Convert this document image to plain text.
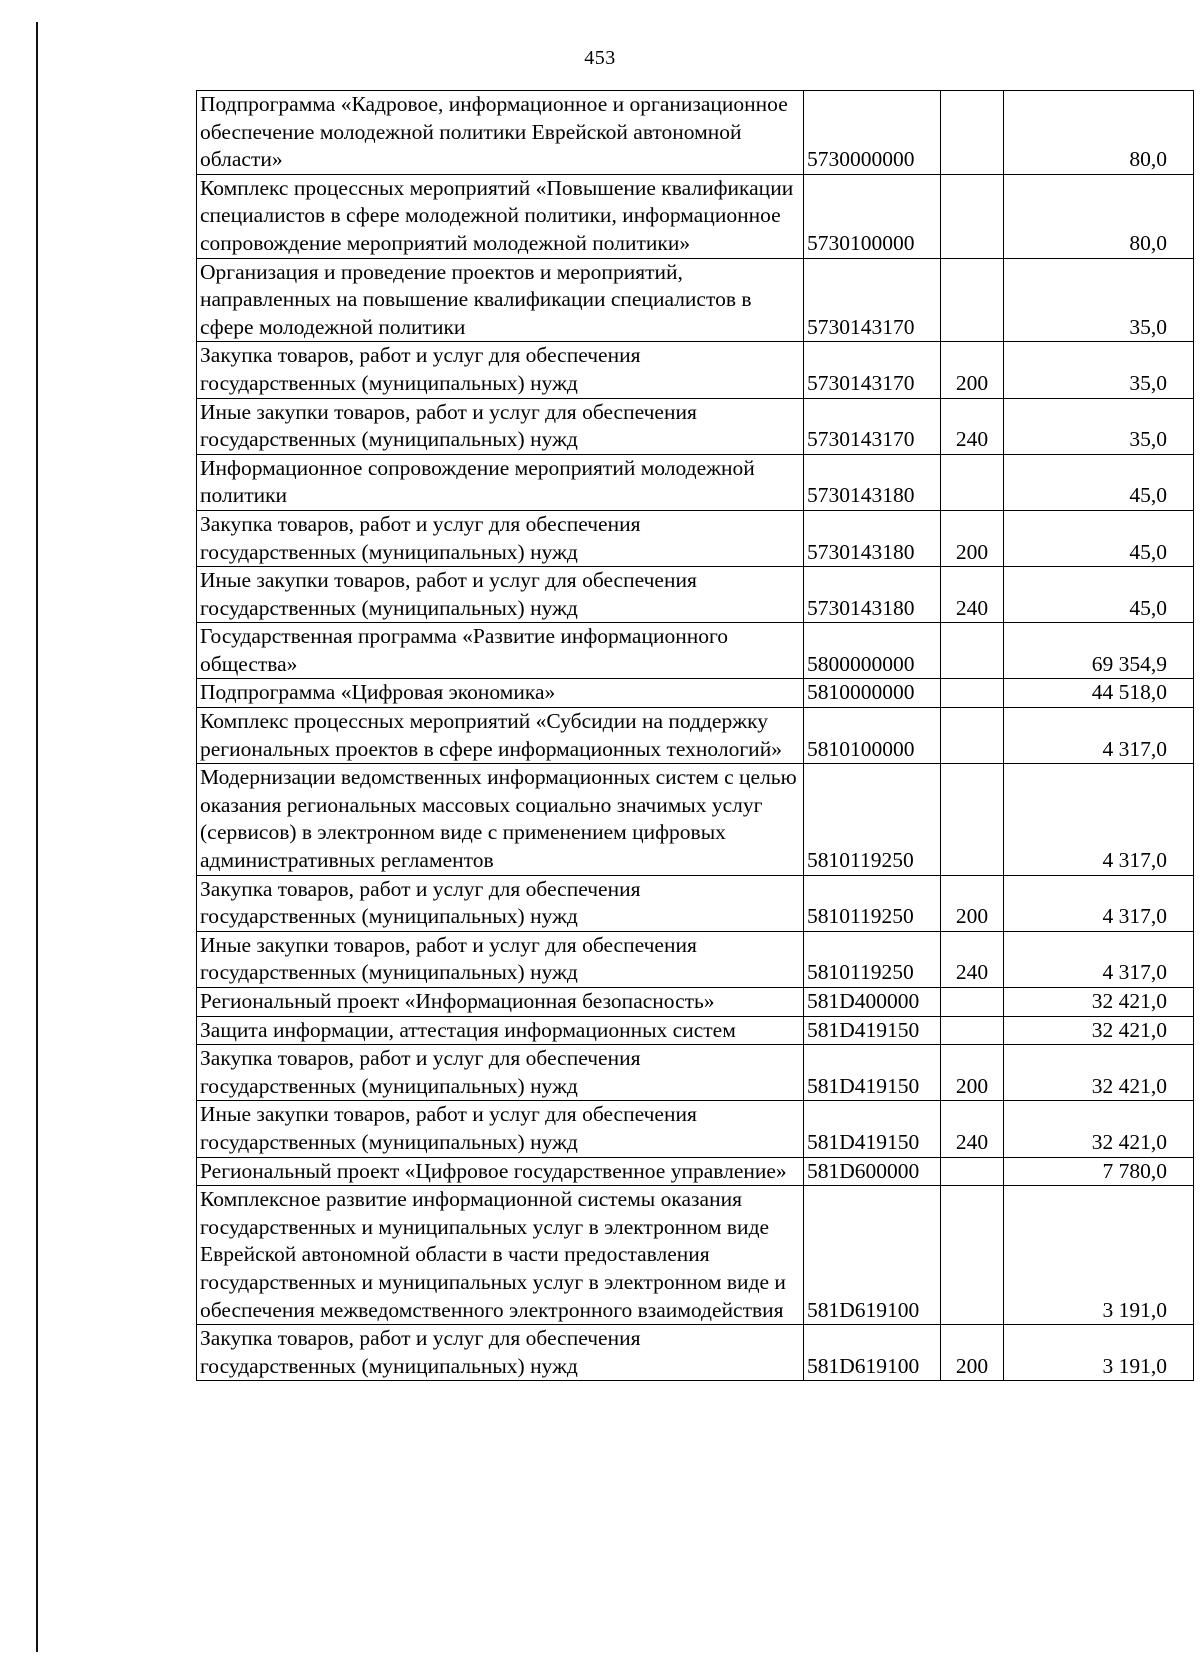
453
Подпрограмма «Кадровое, информационное и организационное обеспечение молодежной политики Еврейской автономной области»	5730000000		80,0
Комплекс процессных мероприятий «Повышение квалификации специалистов в сфере молодежной политики, информационное сопровождение мероприятий молодежной политики»	5730100000		80,0
Организация и проведение проектов и мероприятий, направленных на повышение квалификации специалистов в сфере молодежной политики	5730143170		35,0
Закупка товаров, работ и услуг для обеспечения государственных (муниципальных) нужд	5730143170	200	35,0
Иные закупки товаров, работ и услуг для обеспечения государственных (муниципальных) нужд	5730143170	240	35,0
Информационное сопровождение мероприятий молодежной политики	5730143180		45,0
Закупка товаров, работ и услуг для обеспечения государственных (муниципальных) нужд	5730143180	200	45,0
Иные закупки товаров, работ и услуг для обеспечения государственных (муниципальных) нужд	5730143180	240	45,0
Государственная программа «Развитие информационного общества»	5800000000		69 354,9
Подпрограмма «Цифровая экономика»	5810000000		44 518,0
Комплекс процессных мероприятий «Субсидии на поддержку региональных проектов в сфере информационных технологий»	5810100000		4 317,0
Модернизации ведомственных информационных систем с целью оказания региональных массовых социально значимых услуг (сервисов) в электронном виде с применением цифровых административных регламентов	5810119250		4 317,0
Закупка товаров, работ и услуг для обеспечения государственных (муниципальных) нужд	5810119250	200	4 317,0
Иные закупки товаров, работ и услуг для обеспечения государственных (муниципальных) нужд	5810119250	240	4 317,0
Региональный проект «Информационная безопасность»	581D400000		32 421,0
Защита информации, аттестация информационных систем	581D419150		32 421,0
Закупка товаров, работ и услуг для обеспечения государственных (муниципальных) нужд	581D419150	200	32 421,0
Иные закупки товаров, работ и услуг для обеспечения государственных (муниципальных) нужд	581D419150	240	32 421,0
Региональный проект «Цифровое государственное управление»	581D600000		7 780,0
Комплексное развитие информационной системы оказания государственных и муниципальных услуг в электронном виде Еврейской автономной области в части предоставления государственных и муниципальных услуг в электронном виде и обеспечения межведомственного электронного взаимодействия	581D619100		3 191,0
Закупка товаров, работ и услуг для обеспечения государственных (муниципальных) нужд	581D619100	200	3 191,0
